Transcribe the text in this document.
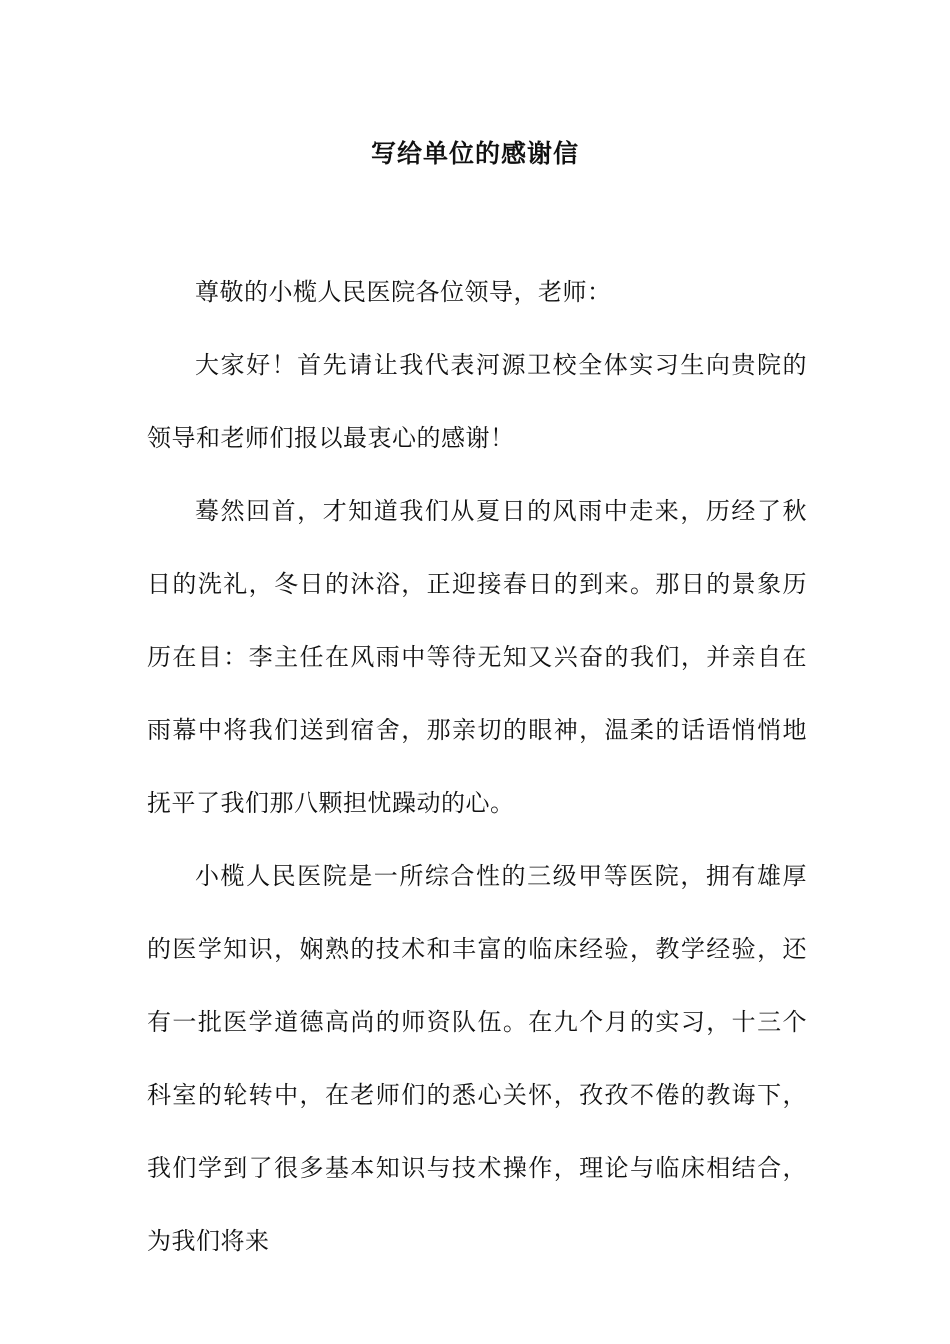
写给单位的感谢信

尊敬的小榄人民医院各位领导，老师：

大家好！首先请让我代表河源卫校全体实习生向贵院的领导和老师们报以最衷心的感谢！

蓦然回首，才知道我们从夏日的风雨中走来，历经了秋日的洗礼，冬日的沐浴，正迎接春日的到来。那日的景象历历在目：李主任在风雨中等待无知又兴奋的我们，并亲自在雨幕中将我们送到宿舍，那亲切的眼神，温柔的话语悄悄地抚平了我们那八颗担忧躁动的心。

小榄人民医院是一所综合性的三级甲等医院，拥有雄厚的医学知识，娴熟的技术和丰富的临床经验，教学经验，还有一批医学道德高尚的师资队伍。在九个月的实习，十三个科室的轮转中，在老师们的悉心关怀，孜孜不倦的教诲下，我们学到了很多基本知识与技术操作，理论与临床相结合，为我们将来
